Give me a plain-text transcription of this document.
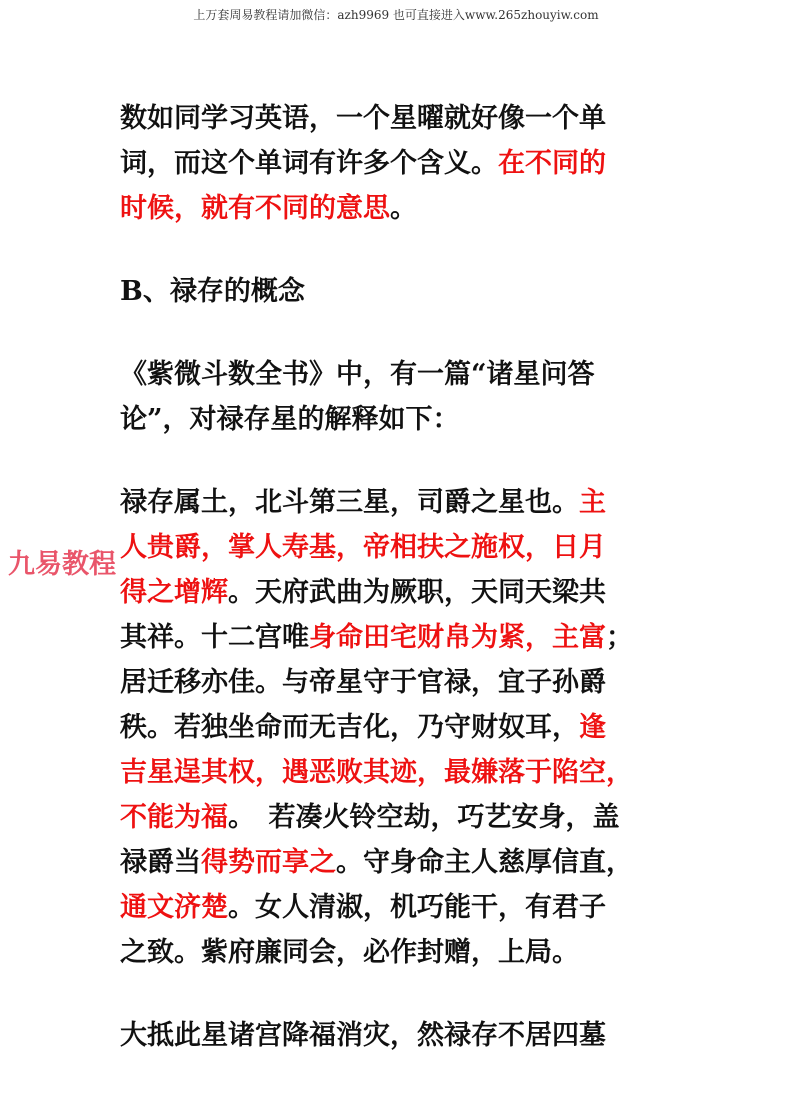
上万套周易教程请加微信：azh9969 也可直接进入www.265zhouyiw.com
数如同学习英语，一个星曜就好像一个单
词，而这个单词有许多个含义。在不同的
时候，就有不同的意思。
B、禄存的概念
《紫微斗数全书》中，有一篇“诸星问答
论”，对禄存星的解释如下：
禄存属土，北斗第三星，司爵之星也。主
人贵爵，掌人寿基，帝相扶之施权，日月
得之增辉。天府武曲为厥职，天同天梁共
其祥。十二宫唯身命田宅财帛为紧，主富；
居迁移亦佳。与帝星守于官禄，宜子孙爵
秩。若独坐命而无吉化，乃守财奴耳，逢
吉星逞其权，遇恶败其迹，最嫌落于陷空，
不能为福。　若凑火铃空劫，巧艺安身，盖
禄爵当得势而享之。守身命主人慈厚信直，
通文济楚。女人清淑，机巧能干，有君子
之致。紫府廉同会，必作封赠，上局。
大抵此星诸宫降福消灾，然禄存不居四墓
九易教程
